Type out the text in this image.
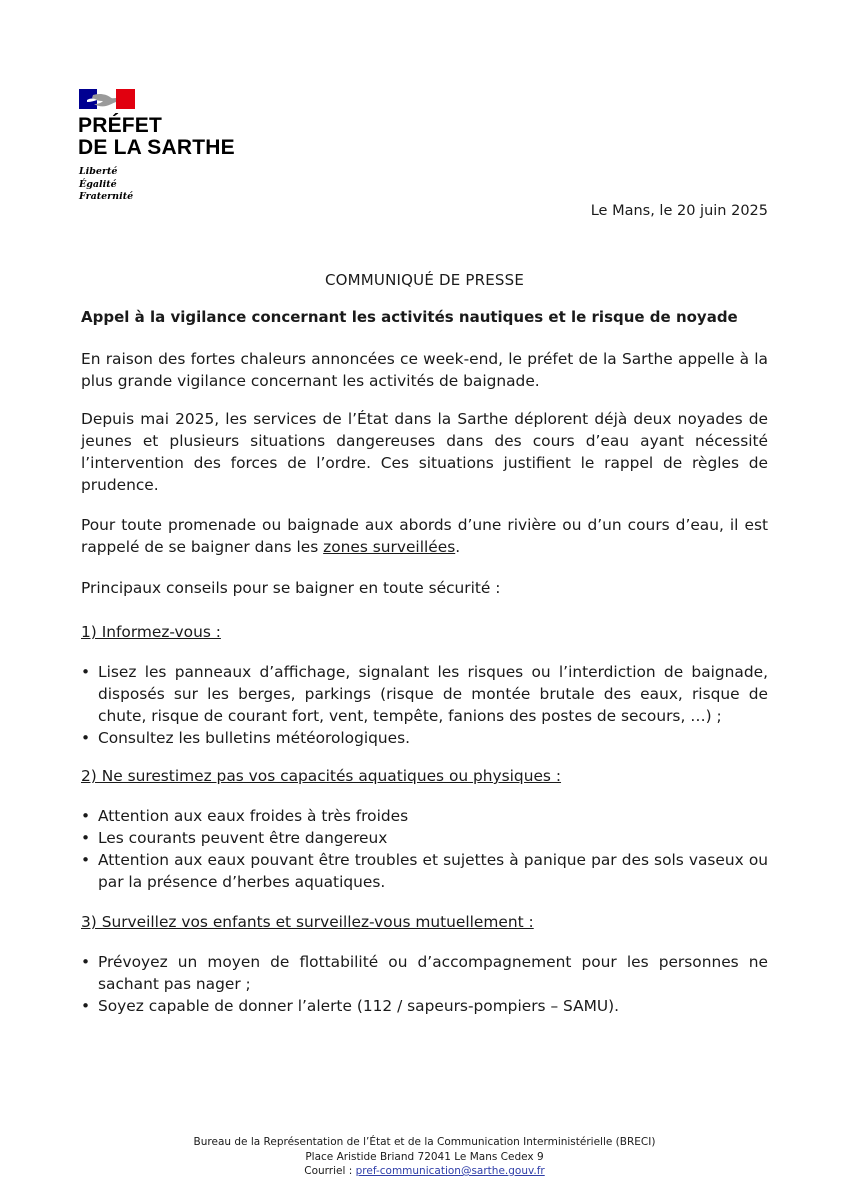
PRÉFET
DE LA SARTHE
Liberté
Égalité
Fraternité
Le Mans, le 20 juin 2025
COMMUNIQUÉ DE PRESSE
Appel à la vigilance concernant les activités nautiques et le risque de noyade

En raison des fortes chaleurs annoncées ce week-end, le préfet de la Sarthe appelle à la plus grande vigilance concernant les activités de baignade.

Depuis mai 2025, les services de l’État dans la Sarthe déplorent déjà deux noyades de jeunes et plusieurs situations dangereuses dans des cours d’eau ayant nécessité l’intervention des forces de l’ordre. Ces situations justifient le rappel de règles de prudence.

Pour toute promenade ou baignade aux abords d’une rivière ou d’un cours d’eau, il est rappelé de se baigner dans les zones surveillées.

Principaux conseils pour se baigner en toute sécurité :

1) Informez-vous :
• Lisez les panneaux d’affichage, signalant les risques ou l’interdiction de baignade, disposés sur les berges, parkings (risque de montée brutale des eaux, risque de chute, risque de courant fort, vent, tempête, fanions des postes de secours, …) ;
• Consultez les bulletins météorologiques.
2) Ne surestimez pas vos capacités aquatiques ou physiques :
• Attention aux eaux froides à très froides
• Les courants peuvent être dangereux
• Attention aux eaux pouvant être troubles et sujettes à panique par des sols vaseux ou par la présence d’herbes aquatiques.
3) Surveillez vos enfants et surveillez-vous mutuellement :
• Prévoyez un moyen de flottabilité ou d’accompagnement pour les personnes ne sachant pas nager ;
• Soyez capable de donner l’alerte (112 / sapeurs-pompiers – SAMU).
Bureau de la Représentation de l’État et de la Communication Interministérielle (BRECI)
Place Aristide Briand 72041 Le Mans Cedex 9
Courriel : pref-communication@sarthe.gouv.fr
